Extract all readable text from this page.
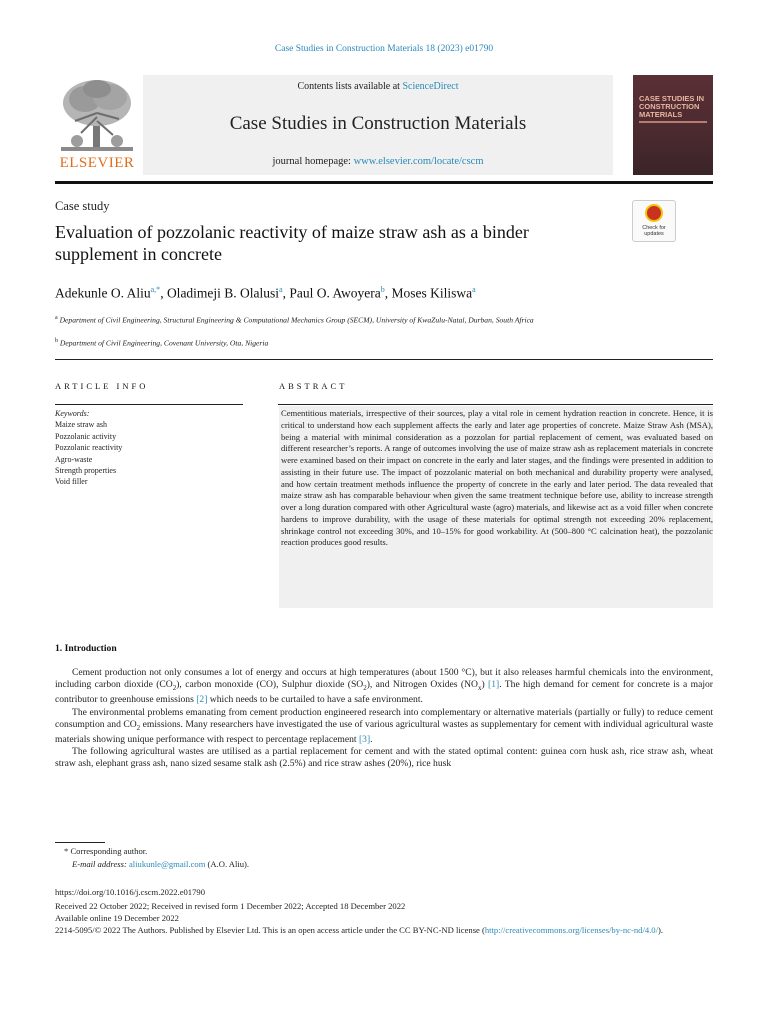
Case Studies in Construction Materials 18 (2023) e01790
ELSEVIER
Contents lists available at ScienceDirect
Case Studies in Construction Materials
journal homepage: www.elsevier.com/locate/cscm
CASE STUDIES IN
CONSTRUCTION
MATERIALS
Case study
Evaluation of pozzolanic reactivity of maize straw ash as a binder supplement in concrete
Check for updates
Adekunle O. Aliu$^{a,*}$, Oladimeji B. Olalusi$^a$, Paul O. Awoyera$^b$, Moses Kiliswa$^a$
$^a$ Department of Civil Engineering, Structural Engineering & Computational Mechanics Group (SECM), University of KwaZulu-Natal, Durban, South Africa
$^b$ Department of Civil Engineering, Covenant University, Ota, Nigeria
ARTICLE INFO	ABSTRACT
Keywords:
Maize straw ash
Pozzolanic activity
Pozzolanic reactivity
Agro-waste
Strength properties
Void filler

Cementitious materials, irrespective of their sources, play a vital role in cement hydration reaction in concrete. Hence, it is critical to understand how each supplement affects the early and later age properties of concrete. Maize Straw Ash (MSA), being a material with minimal consideration as a pozzolan for partial replacement of cement, was evaluated based on different researcher’s reports. A range of outcomes involving the use of maize straw ash as replacement materials in concrete were examined based on their impact on concrete in the early and later stages, and the findings were presented in addition to assisting in their future use. The impact of pozzolanic material on both mechanical and durability property were analysed, and how certain treatment methods influence the property of concrete in the early and later period. The data revealed that maize straw ash has comparable behaviour when given the same treatment technique before use, ability to increase strength over a long duration compared with other Agricultural waste (agro) materials, and likewise act as a void filler when concrete hardens to improve durability, with the usage of these materials for optimal strength not exceeding 20% replacement, shrinkage control not exceeding 30%, and 10–15% for good workability. At (500–800 °C calcination heat), the pozzolanic reaction produces good results.

1. Introduction

Cement production not only consumes a lot of energy and occurs at high temperatures (about 1500 °C), but it also releases harmful chemicals into the environment, including carbon dioxide $(CO_2)$, carbon monoxide (CO), Sulphur dioxide $(SO_2)$, and Nitrogen Oxides $(NO_x)$ [1]. The high demand for cement for concrete is a major contributor to greenhouse emissions [2] which needs to be curtailed to have a safe environment.

The environmental problems emanating from cement production engineered research into complementary or alternative materials (partially or fully) to reduce cement consumption and $CO_2$ emissions. Many researchers have investigated the use of various agricultural wastes as supplementary for cement with individual agricultural waste materials showing unique performance with respect to percentage replacement [3].

The following agricultural wastes are utilised as a partial replacement for cement and with the stated optimal content: guinea corn husk ash, rice straw ash, wheat straw ash, elephant grass ash, nano sized sesame stalk ash (2.5%) and rice straw ashes (20%), rice husk

* Corresponding author.
E-mail address: aliukunle@gmail.com (A.O. Aliu).
https://doi.org/10.1016/j.cscm.2022.e01790
Received 22 October 2022; Received in revised form 1 December 2022; Accepted 18 December 2022
Available online 19 December 2022
2214-5095/© 2022 The Authors. Published by Elsevier Ltd. This is an open access article under the CC BY-NC-ND license (http://creativecommons.org/licenses/by-nc-nd/4.0/).
